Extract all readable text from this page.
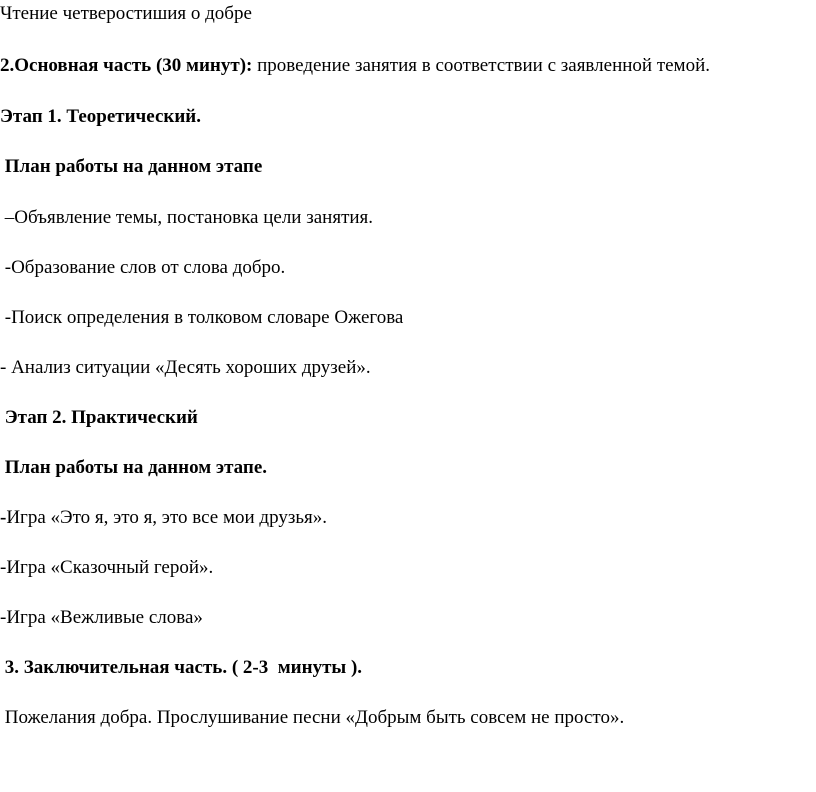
Чтение четверостишия о добре
2.Основная часть (30 минут): проведение занятия в соответствии с заявленной темой.
Этап 1. Теоретический.
План работы на данном этапе
–Объявление темы, постановка цели занятия.
-Образование слов от слова добро.
-Поиск определения в толковом словаре Ожегова
- Анализ ситуации «Десять хороших друзей».
Этап 2. Практический
План работы на данном этапе.
-Игра «Это я, это я, это все мои друзья».
-Игра «Сказочный герой».
-Игра «Вежливые слова»
3. Заключительная часть. ( 2-3  минуты ).
Пожелания добра. Прослушивание песни «Добрым быть совсем не просто».
